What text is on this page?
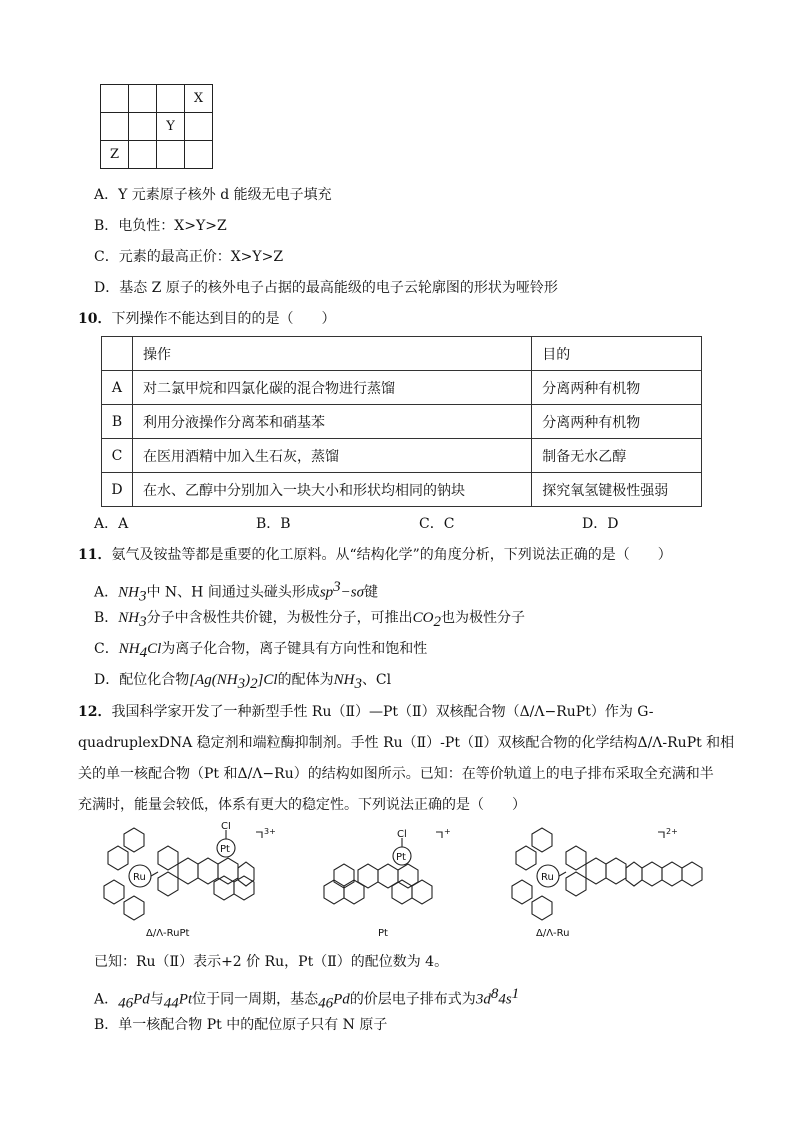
			X
		Y	
Z			
A．Y 元素原子核外 d 能级无电子填充
B．电负性：X>Y>Z
C．元素的最高正价：X>Y>Z
D．基态 Z 原子的核外电子占据的最高能级的电子云轮廓图的形状为哑铃形
10．下列操作不能达到目的的是（　　）
	操作	目的
A	对二氯甲烷和四氯化碳的混合物进行蒸馏	分离两种有机物
B	利用分液操作分离苯和硝基苯	分离两种有机物
C	在医用酒精中加入生石灰，蒸馏	制备无水乙醇
D	在水、乙醇中分别加入一块大小和形状均相同的钠块	探究氧氢键极性强弱
A．A	B．B	C．C	D．D
11．氨气及铵盐等都是重要的化工原料。从“结构化学”的角度分析，下列说法正确的是（　　）
A．$NH_3$中 N、H 间通过头碰头形成$sp^3-s\sigma$键
B．$NH_3$分子中含极性共价键，为极性分子，可推出$CO_2$也为极性分子
C．$NH_4Cl$为离子化合物，离子键具有方向性和饱和性
D．配位化合物$[Ag(NH_3)_2]Cl$的配体为$NH_3$、Cl
12．我国科学家开发了一种新型手性 Ru（Ⅱ）—Pt（Ⅱ）双核配合物（Δ/Λ−RuPt）作为 G-
quadruplexDNA 稳定剂和端粒酶抑制剂。手性 Ru（Ⅱ）-Pt（Ⅱ）双核配合物的化学结构Δ/Λ-RuPt 和相
关的单一核配合物（Pt 和Δ/Λ−Ru）的结构如图所示。已知：在等价轨道上的电子排布采取全充满和半
充满时，能量会较低，体系有更大的稳定性。下列说法正确的是（　　）
Ru
Pt
Cl
Pt
Cl
Ru
3+	+	2+
Δ/Λ-RuPt	Pt	Δ/Λ-Ru
已知：Ru（Ⅱ）表示+2 价 Ru，Pt（Ⅱ）的配位数为 4。
A．$_{46}$Pd与$_{44}$Pt位于同一周期，基态$_{46}$Pd的价层电子排布式为$3d^84s^1$
B．单一核配合物 Pt 中的配位原子只有 N 原子
